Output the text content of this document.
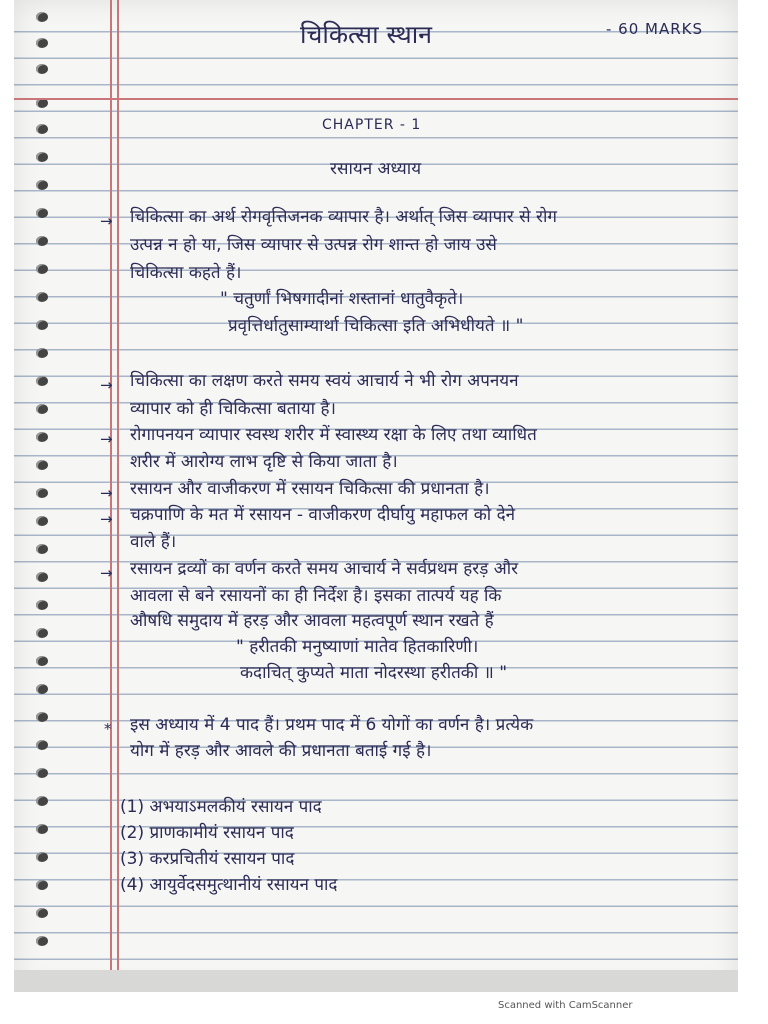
चिकित्सा स्थान	- 60 MARKS

CHAPTER - 1

रसायन अध्याय

→ चिकित्सा का अर्थ रोगवृत्तिजनक व्यापार है। अर्थात् जिस व्यापार से रोग

उत्पन्न न हो या, जिस व्यापार से उत्पन्न रोग शान्त हो जाय उसे

चिकित्सा कहते हैं।

" चतुर्णां भिषगादीनां शस्तानां धातुवैकृते।

प्रवृत्तिर्धातुसाम्यार्था चिकित्सा इति अभिधीयते ॥ "

→ चिकित्सा का लक्षण करते समय स्वयं आचार्य ने भी रोग अपनयन

व्यापार को ही चिकित्सा बताया है।

→ रोगापनयन व्यापार स्वस्थ शरीर में स्वास्थ्य रक्षा के लिए तथा व्याधित

शरीर में आरोग्य लाभ दृष्टि से किया जाता है।

→ रसायन और वाजीकरण में रसायन चिकित्सा की प्रधानता है।

→ चक्रपाणि के मत में रसायन - वाजीकरण दीर्घायु महाफल को देने

वाले हैं।

→ रसायन द्रव्यों का वर्णन करते समय आचार्य ने सर्वप्रथम हरड़ और

आवला से बने रसायनों का ही निर्देश है। इसका तात्पर्य यह कि

औषधि समुदाय में हरड़ और आवला महत्वपूर्ण स्थान रखते हैं

" हरीतकी मनुष्याणां मातेव हितकारिणी।

कदाचित् कुप्यते माता नोदरस्था हरीतकी ॥ "

* इस अध्याय में 4 पाद हैं। प्रथम पाद में 6 योगों का वर्णन है। प्रत्येक

योग में हरड़ और आवले की प्रधानता बताई गई है।

(1) अभयाऽमलकीयं रसायन पाद

(2) प्राणकामीयं रसायन पाद

(3) करप्रचितीयं रसायन पाद

(4) आयुर्वेदसमुत्थानीयं रसायन पाद

Scanned with CamScanner
